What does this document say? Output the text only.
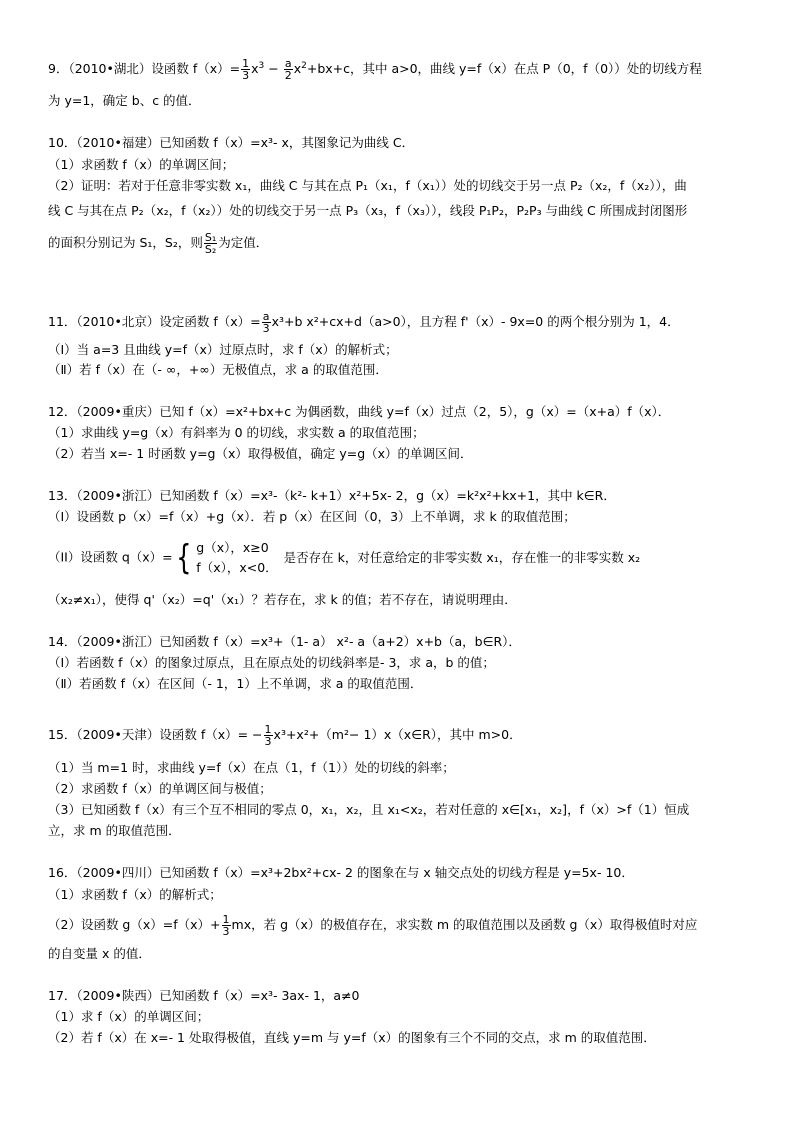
9．（2010•湖北）设函数 $f(x)= \frac{1}{3} x^3 - \frac{a}{2} x^2+bx+c$，其中 a>0，曲线 y=f（x）在点 P（0，f（0））处的切线方程
为 y=1，确定 b、c 的值．
10．（2010•福建）已知函数 f（x）=x³- x，其图象记为曲线 C．
（1）求函数 f（x）的单调区间；
（2）证明：若对于任意非零实数 x₁，曲线 C 与其在点 P₁（x₁，f（x₁））处的切线交于另一点 P₂（x₂，f（x₂）），曲
线 C 与其在点 P₂（x₂，f（x₂））处的切线交于另一点 P₃（x₃，f（x₃）），线段 P₁P₂，P₂P₃ 与曲线 C 所围成封闭图形
的面积分别记为 S₁，S₂，则 $\frac{\text{S₁}}{\text{S₂}}$ 为定值．
11．（2010•北京）设定函数 $f(x)= \frac{a}{3} x^3+b$ x²+cx+d（a>0），且方程 f'（x）- 9x=0 的两个根分别为 1，4．
（Ⅰ）当 a=3 且曲线 y=f（x）过原点时，求 f（x）的解析式；
（Ⅱ）若 f（x）在（- ∞，+∞）无极值点，求 a 的取值范围．
12．（2009•重庆）已知 f（x）=x²+bx+c 为偶函数，曲线 y=f（x）过点（2，5），g（x）=（x+a）f（x）．
（1）求曲线 y=g（x）有斜率为 0 的切线，求实数 a 的取值范围；
（2）若当 x=- 1 时函数 y=g（x）取得极值，确定 y=g（x）的单调区间．
13．（2009•浙江）已知函数 f（x）=x³-（k²- k+1）x²+5x- 2，g（x）=k²x²+kx+1，其中 k∈R．
（I）设函数 p（x）=f（x）+g（x）．若 p（x）在区间（0，3）上不单调，求 k 的取值范围；
（II）设函数 q（x）={ g（x），x≥0
f（x），x<0．
是否存在 k，对任意给定的非零实数 x₁，存在惟一的非零实数 x₂
（x₂≠x₁），使得 q'（x₂）=q'（x₁）？若存在，求 k 的值；若不存在，请说明理由．
14．（2009•浙江）已知函数 f（x）=x³+（1- a） x²- a（a+2）x+b（a，b∈R）．
（I）若函数 f（x）的图象过原点，且在原点处的切线斜率是- 3，求 a，b 的值；
（Ⅱ）若函数 f（x）在区间（- 1，1）上不单调，求 a 的取值范围．
15．（2009•天津）设函数 $f(x)= - \frac{1}{3} x^3+x^2+(m^2-$ 1）x（x∈R），其中 m>0．
（1）当 m=1 时，求曲线 y=f（x）在点（1，f（1））处的切线的斜率；
（2）求函数 f（x）的单调区间与极值；
（3）已知函数 f（x）有三个互不相同的零点 0，x₁，x₂，且 x₁<x₂，若对任意的 x∈[x₁，x₂]，f（x）>f（1）恒成
立，求 m 的取值范围．
16．（2009•四川）已知函数 f（x）=x³+2bx²+cx- 2 的图象在与 x 轴交点处的切线方程是 y=5x- 10．
（1）求函数 f（x）的解析式；
（2）设函数 $g(x)=f(x)+ \frac{1}{3}$ mx，若 g（x）的极值存在，求实数 m 的取值范围以及函数 g（x）取得极值时对应
的自变量 x 的值．
17．（2009•陕西）已知函数 f（x）=x³- 3ax- 1，a≠0
（1）求 f（x）的单调区间；
（2）若 f（x）在 x=- 1 处取得极值，直线 y=m 与 y=f（x）的图象有三个不同的交点，求 m 的取值范围．
